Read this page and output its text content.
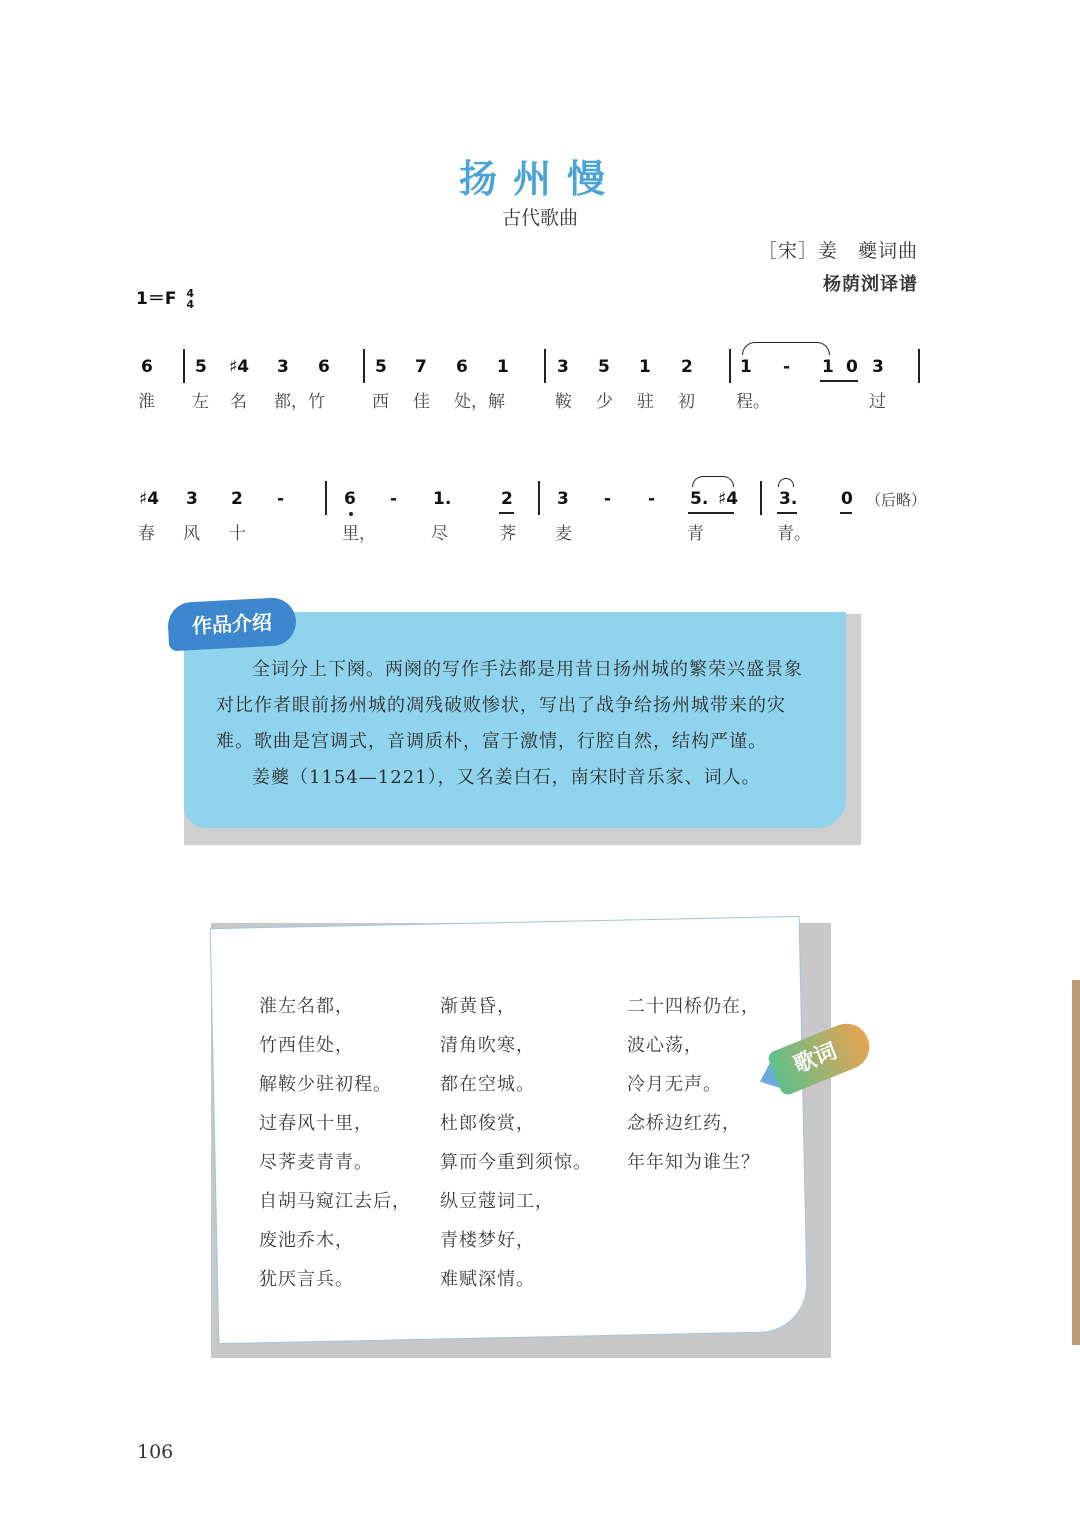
扬州慢
古代歌曲
［宋］姜　夔词曲
杨荫浏译谱
1＝F 4
4
6 5 ♯4 3 6	5 7 6 1	3 5 1 2	1 - 1 0 3
淮 左 名 都，竹	西 佳 处，解	鞍 少 驻 初 程。	过
♯4 3 2 -	6 - 1.	2	3 - - 5. ♯4 3.	0 （后略）
春 风 十	里，	尽	荠 麦	青	青。
作品介绍
全词分上下阕。两阕的写作手法都是用昔日扬州城的繁荣兴盛景象对比作者眼前扬州城的凋残破败惨状，写出了战争给扬州城带来的灾难。歌曲是宫调式，音调质朴，富于激情，行腔自然，结构严谨。
姜夔（1154—1221），又名姜白石，南宋时音乐家、词人。
淮左名都，
竹西佳处，
解鞍少驻初程。
过春风十里，
尽荠麦青青。
自胡马窥江去后，
废池乔木，
犹厌言兵。
渐黄昏，
清角吹寒，
都在空城。
杜郎俊赏，
算而今重到须惊。
纵豆蔻词工，
青楼梦好，
难赋深情。
二十四桥仍在，
波心荡，
冷月无声。
念桥边红药，
年年知为谁生？
歌词
106
